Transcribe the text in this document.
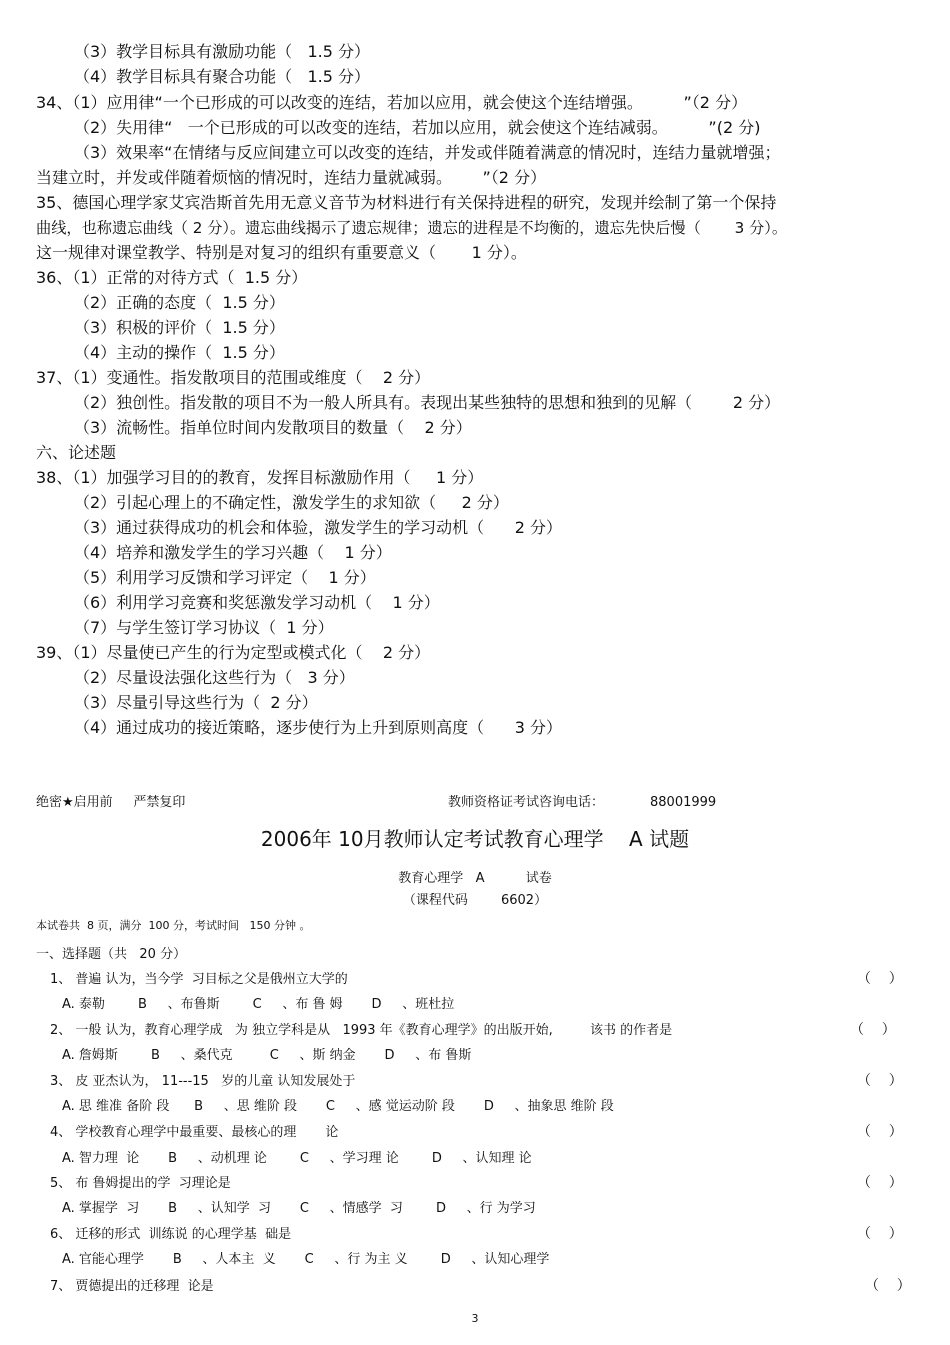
（3）教学目标具有激励功能（   1.5 分）
（4）教学目标具有聚合功能（   1.5 分）
34、（1）应用律“一个已形成的可以改变的连结，若加以应用，就会使这个连结增强。        ”（2 分）
（2）失用律“   一个已形成的可以改变的连结，若加以应用，就会使这个连结减弱。        ”(2 分)
（3）效果率“在情绪与反应间建立可以改变的连结，并发或伴随着满意的情况时，连结力量就增强；
当建立时，并发或伴随着烦恼的情况时，连结力量就减弱。      ”（2 分）
35、德国心理学家艾宾浩斯首先用无意义音节为材料进行有关保持进程的研究，发现并绘制了第一个保持
曲线，也称遗忘曲线（ 2 分）。遗忘曲线揭示了遗忘规律；遗忘的进程是不均衡的，遗忘先快后慢（       3 分）。
这一规律对课堂教学、特别是对复习的组织有重要意义（       1 分）。
36、（1）正常的对待方式（  1.5 分）
（2）正确的态度（  1.5 分）
（3）积极的评价（  1.5 分）
（4）主动的操作（  1.5 分）
37、（1）变通性。指发散项目的范围或维度（    2 分）
（2）独创性。指发散的项目不为一般人所具有。表现出某些独特的思想和独到的见解（        2 分）
（3）流畅性。指单位时间内发散项目的数量（    2 分）
六、论述题
38、（1）加强学习目的的教育，发挥目标激励作用（     1 分）
（2）引起心理上的不确定性，激发学生的求知欲（     2 分）
（3）通过获得成功的机会和体验，激发学生的学习动机（      2 分）
（4）培养和激发学生的学习兴趣（    1 分）
（5）利用学习反馈和学习评定（    1 分）
（6）利用学习竞赛和奖惩激发学习动机（    1 分）
（7）与学生签订学习协议（  1 分）
39、（1）尽量使已产生的行为定型或模式化（    2 分）
（2）尽量设法强化这些行为（   3 分）
（3）尽量引导这些行为（  2 分）
（4）通过成功的接近策略，逐步使行为上升到原则高度（      3 分）
绝密★启用前     严禁复印	教师资格证考试咨询电话：	88001999
2006年 10月教师认定考试教育心理学    A 试题
教育心理学   A          试卷
（课程代码        6602）
本试卷共  8 页，满分  100 分，考试时间   150 分钟 。
一、选择题（共   20 分）
1、 普遍 认为，当今学  习目标之父是俄州立大学的	（    ）
A. 泰勒        B     、布鲁斯        C     、布 鲁 姆       D     、班杜拉
2、 一般 认为，教育心理学成   为 独立学科是从   1993 年《教育心理学》的出版开始,         该书 的作者是	（    ）
A. 詹姆斯        B     、桑代克         C     、斯 纳金       D     、布 鲁斯
3、 皮 亚杰认为， 11---15   岁的儿童 认知发展处于	（    ）
A. 思 维准 备阶 段      B     、思 维阶 段       C     、感 觉运动阶 段       D     、抽象思 维阶 段
4、 学校教育心理学中最重要、最核心的理       论	（    ）
A. 智力理  论       B     、动机理 论        C     、学习理 论        D     、认知理 论
5、 布 鲁姆提出的学  习理论是	（    ）
A. 掌握学  习       B     、认知学  习       C     、情感学  习        D     、行 为学习
6、 迁移的形式  训练说 的心理学基  础是	（    ）
A. 官能心理学       B     、人本主  义       C     、行 为主 义        D     、认知心理学
7、 贾德提出的迁移理  论是	（    ）
3
